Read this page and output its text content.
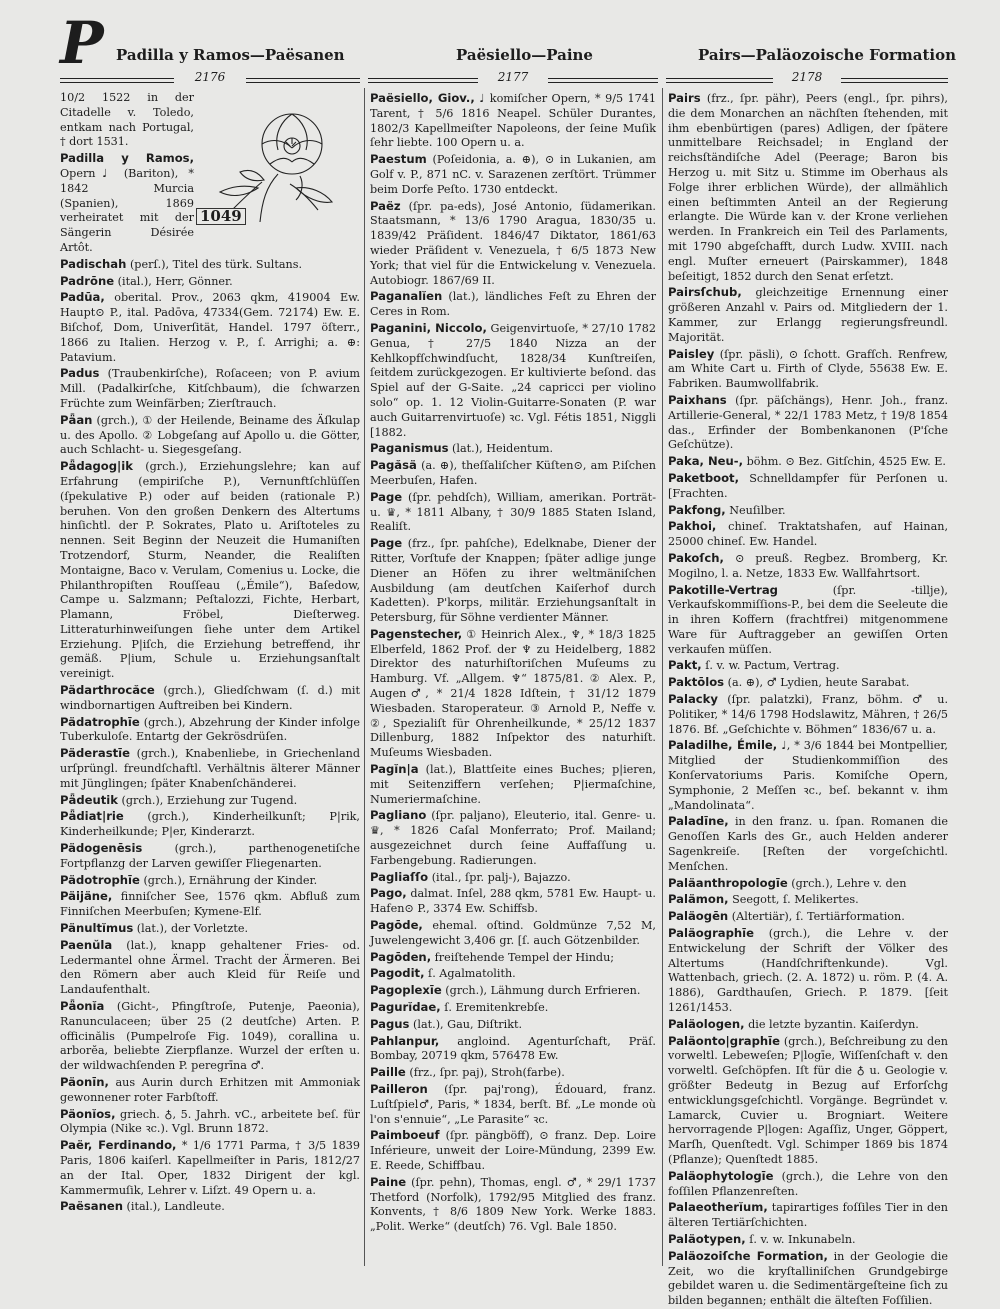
P Padilla y Ramos—Paësanen	Paësiello—Paine	Pairs—Paläozoische Formation
2176	2177	2178
1049

10/2 1522 in der Citadelle v. Toledo, entkam nach Portugal, † dort 1531.

Padilla y Ramos, Opern♩ (Bariton), * 1842 Murcia (Spanien), 1869 verheiratet mit der Sängerin Désirée Artôt.

Padischah (perſ.), Titel des türk. Sultans.

Padrōne (ital.), Herr, Gönner.

Padūa, oberital. Prov., 2063 qkm, 419004 Ew. Haupt⊙ P., ital. Padōva, 47334(Gem. 72174) Ew. E. Biſchof, Dom, Univerſität, Handel. 1797 öſterr., 1866 zu Italien. Herzog v. P., ſ. Arrighi; a. ⊕: Patavium.

Padus (Traubenkirſche), Roſaceen; von P. avium Mill. (Padalkirſche, Kitſchbaum), die ſchwarzen Früchte zum Weinfärben; Zierſtrauch.

Pǟan (grch.), ① der Heilende, Beiname des Äſkulap u. des Apollo. ② Lobgeſang auf Apollo u. die Götter, auch Schlacht- u. Siegesgeſang.

Pǟdagog|ik (grch.), Erziehungslehre; kan auf Erfahrung (empiriſche P.), Vernunftſchlüſſen (ſpekulative P.) oder auf beiden (rationale P.) beruhen. Von den großen Denkern des Altertums hinſichtl. der P. Sokrates, Plato u. Ariſtoteles zu nennen. Seit Beginn der Neuzeit die Humaniſten Trotzendorf, Sturm, Neander, die Realiſten Montaigne, Baco v. Verulam, Comenius u. Locke, die Philanthropiſten Rouſſeau („Émile“), Baſedow, Campe u. Salzmann; Peſtalozzi, Fichte, Herbart, Plamann, Fröbel, Dieſterweg. Litteraturhinweiſungen ſiehe unter dem Artikel Erziehung. P|iſch, die Erziehung betreffend, ihr gemäß. P|ium, Schule u. Erziehungsanſtalt vereinigt.

Pädarthrocăce (grch.), Gliedſchwam (ſ. d.) mit windbornartigen Auftreiben bei Kindern.

Pädatrophīe (grch.), Abzehrung der Kinder infolge Tuberkuloſe. Entartg der Gekrösdrüſen.

Päderastīe (grch.), Knabenliebe, in Griechenland urſprüngl. freundſchaftl. Verhältnis älterer Männer mit Jünglingen; ſpäter Knabenſchänderei.

Pǟdeutik (grch.), Erziehung zur Tugend.

Pǟdiat|rie (grch.), Kinderheilkunſt; P|rik, Kinderheilkunde; P|er, Kinderarzt.

Pädogenēsis (grch.), parthenogenetiſche Fortpflanzg der Larven gewiſſer Fliegenarten.

Pädotrophīe (grch.), Ernährung der Kinder.

Päijäne, finniſcher See, 1576 qkm. Abfluß zum Finniſchen Meerbuſen; Kymene-Elf.

Pänultĭmus (lat.), der Vorletzte.

Paenŭla (lat.), knapp gehaltener Fries- od. Ledermantel ohne Ärmel. Tracht der Ärmeren. Bei den Römern aber auch Kleid für Reiſe und Landaufenthalt.

Pǟonĭa (Gicht-, Pfingſtroſe, Putenje, Paeonia), Ranunculaceen; über 25 (2 deutſche) Arten. P. officinălis (Pumpelroſe Fig. 1049), corallina u. arborĕa, beliebte Zierpflanze. Wurzel der erſten u. der wildwachſenden P. peregrīna ♂.

Päonīn, aus Aurin durch Erhitzen mit Ammoniak gewonnener roter Farbſtoff.

Päonĭos, griech. ♁, 5. Jahrh. vC., arbeitete beſ. für Olympia (Nike ꝛc.). Vgl. Brunn 1872.

Paër, Ferdinando, * 1/6 1771 Parma, † 3/5 1839 Paris, 1806 kaiſerl. Kapellmeiſter in Paris, 1812/27 an der Ital. Oper, 1832 Dirigent der kgl. Kammermuſik, Lehrer v. Liſzt. 49 Opern u. a.

Paësanen (ital.), Landleute.

Paësiello, Giov., ♩ komiſcher Opern, * 9/5 1741 Tarent, † 5/6 1816 Neapel. Schüler Durantes, 1802/3 Kapellmeiſter Napoleons, der ſeine Muſik ſehr liebte. 100 Opern u. a.

Paestum (Poſeidonia, a. ⊕), ⊙ in Lukanien, am Golf v. P., 871 nC. v. Sarazenen zerſtört. Trümmer beim Dorfe Peſto. 1730 entdeckt.

Paëz (ſpr. pa-eds), José Antonio, ſüdamerikan. Staatsmann, * 13/6 1790 Aragua, 1830/35 u. 1839/42 Präſident. 1846/47 Diktator, 1861/63 wieder Präſident v. Venezuela, † 6/5 1873 New York; that viel für die Entwickelung v. Venezuela. Autobiogr. 1867/69 II.

Paganalĭen (lat.), ländliches Feſt zu Ehren der Ceres in Rom.

Paganini, Niccolo, Geigenvirtuoſe, * 27/10 1782 Genua, † 27/5 1840 Nizza an der Kehlkopfſchwindſucht, 1828/34 Kunſtreiſen, ſeitdem zurückgezogen. Er kultivierte beſond. das Spiel auf der G-Saite. „24 capricci per violino solo“ op. 1. 12 Violin-Guitarre-Sonaten (P. war auch Guitarrenvirtuoſe) ꝛc. Vgl. Fétis 1851, Niggli [1882.

Paganismus (lat.), Heidentum.

Pagăsä (a. ⊕), theſſaliſcher Küſten⊙, am P.iſchen Meerbuſen, Hafen.

Page (ſpr. pehdſch), William, amerikan. Porträt- u. ♛, * 1811 Albany, † 30/9 1885 Staten Island, Realiſt.

Page (frz., ſpr. pahſche), Edelknabe, Diener der Ritter, Vorſtufe der Knappen; ſpäter adlige junge Diener an Höfen zu ihrer weltmäniſchen Ausbildung (am deutſchen Kaiſerhof durch Kadetten). P'korps, militär. Erziehungsanſtalt in Petersburg, für Söhne verdienter Männer.

Pagenstecher, ① Heinrich Alex., ♆, * 18/3 1825 Elberfeld, 1862 Prof. der ♆ zu Heidelberg, 1882 Direktor des naturhiſtoriſchen Muſeums zu Hamburg. Vf. „Allgem. ♆“ 1875/81. ② Alex. P., Augen♂, * 21/4 1828 Idſtein, † 31/12 1879 Wiesbaden. Staroperateur. ③ Arnold P., Neffe v. ②, Spezialiſt für Ohrenheilkunde, * 25/12 1837 Dillenburg, 1882 Inſpektor des naturhiſt. Muſeums Wiesbaden.

Pagĭn|a (lat.), Blattſeite eines Buches; p|ieren, mit Seitenziffern verſehen; P|iermaſchine, Numeriermaſchine.

Pagliano (ſpr. paljano), Eleuterio, ital. Genre- u. ♛, * 1826 Caſal Monferrato; Prof. Mailand; ausgezeichnet durch ſeine Auffaſſung u. Farbengebung. Radierungen.

Pagliaſſo (ital., ſpr. palj-), Bajazzo.

Pago, dalmat. Inſel, 288 qkm, 5781 Ew. Haupt- u. Hafen⊙ P., 3374 Ew. Schiffsb.

Pagōde, ehemal. oſtind. Goldmünze 7,52 M, Juwelengewicht 3,406 gr. [ſ. auch Götzenbilder.

Pagōden, freiſtehende Tempel der Hindu;

Pagodit, ſ. Agalmatolith.

Pagoplexīe (grch.), Lähmung durch Erfrieren.

Pagurĭdae, ſ. Eremitenkrebſe.

Pagus (lat.), Gau, Diſtrikt.

Pahlanpur, angloind. Agenturſchaft, Präſ. Bombay, 20719 qkm, 576478 Ew.

Paille (frz., ſpr. paj), Stroh(farbe).

Pailleron (ſpr. paj'rong), Édouard, franz. Luſtſpiel♂, Paris, * 1834, berſt. Bf. „Le monde où l'on s'ennuie“, „Le Parasite“ ꝛc.

Paimboeuf (ſpr. pängböff), ⊙ franz. Dep. Loire Inférieure, unweit der Loire-Mündung, 2399 Ew. E. Reede, Schiffbau.

Paine (ſpr. pehn), Thomas, engl. ♂, * 29/1 1737 Thetford (Norfolk), 1792/95 Mitglied des franz. Konvents, † 8/6 1809 New York. Werke 1883. „Polit. Werke“ (deutſch) 76. Vgl. Bale 1850.

Pairs (frz., ſpr. pähr), Peers (engl., ſpr. pihrs), die dem Monarchen an nächſten ſtehenden, mit ihm ebenbürtigen (pares) Adligen, der ſpätere unmittelbare Reichsadel; in England der reichsſtändiſche Adel (Peerage; Baron bis Herzog u. mit Sitz u. Stimme im Oberhaus als Folge ihrer erblichen Würde), der allmählich einen beſtimmten Anteil an der Regierung erlangte. Die Würde kan v. der Krone verliehen werden. In Frankreich ein Teil des Parlaments, mit 1790 abgeſchafft, durch Ludw. XVIII. nach engl. Muſter erneuert (Pairskammer), 1848 beſeitigt, 1852 durch den Senat erſetzt.

Pairsſchub, gleichzeitige Ernennung einer größeren Anzahl v. Pairs od. Mitgliedern der 1. Kammer, zur Erlangg regierungsfreundl. Majorität.

Paisley (ſpr. päsli), ⊙ ſchott. Grafſch. Renfrew, am White Cart u. Firth of Clyde, 55638 Ew. E. Fabriken. Baumwollfabrik.

Paixhans (ſpr. päſchängs), Henr. Joh., franz. Artillerie-General, * 22/1 1783 Metz, † 19/8 1854 das., Erfinder der Bombenkanonen (P'ſche Geſchütze).

Paka, Neu-, böhm. ⊙ Bez. Gitſchin, 4525 Ew. E.

Paketboot, Schnelldampfer für Perſonen u. [Frachten.

Pakfong, Neuſilber.

Pakhoi, chineſ. Traktatshafen, auf Hainan, 25000 chineſ. Ew. Handel.

Pakoſch, ⊙ preuß. Regbez. Bromberg, Kr. Mogilno, l. a. Netze, 1833 Ew. Wallfahrtsort.

Pakotille-Vertrag (ſpr. -tillje), Verkaufskommiſſions-P., bei dem die Seeleute die in ihren Koffern (frachtfrei) mitgenommene Ware für Auftraggeber an gewiſſen Orten verkaufen müſſen.

Pakt, ſ. v. w. Pactum, Vertrag.

Paktōlos (a. ⊕), ♂ Lydien, heute Sarabat.

Palacky (ſpr. palatzki), Franz, böhm. ♂ u. Politiker, * 14/6 1798 Hodslawitz, Mähren, † 26/5 1876. Bf. „Geſchichte v. Böhmen“ 1836/67 u. a.

Paladilhe, Émile, ♩, * 3/6 1844 bei Montpellier, Mitglied der Studienkommiſſion des Konſervatoriums Paris. Komiſche Opern, Symphonie, 2 Meſſen ꝛc., beſ. bekannt v. ihm „Mandolinata“.

Paladīne, in den franz. u. ſpan. Romanen die Genoſſen Karls des Gr., auch Helden anderer Sagenkreiſe. [Reſten der vorgeſchichtl. Menſchen.

Paläanthropologīe (grch.), Lehre v. den

Palämon, Seegott, ſ. Melikertes.

Paläogēn (Altertiär), ſ. Tertiärformation.

Paläographīe (grch.), die Lehre v. der Entwickelung der Schrift der Völker des Altertums (Handſchriftenkunde). Vgl. Wattenbach, griech. (2. A. 1872) u. röm. P. (4. A. 1886), Gardthauſen, Griech. P. 1879. [ſeit 1261/1453.

Paläologen, die letzte byzantin. Kaiſerdyn.

Paläonto|graphīe (grch.), Beſchreibung zu den vorweltl. Lebeweſen; P|logīe, Wiſſenſchaft v. den vorweltl. Geſchöpfen. Iſt für die ♁ u. Geologie v. größter Bedeutg in Bezug auf Erforſchg entwicklungsgeſchichtl. Vorgänge. Begründet v. Lamarck, Cuvier u. Brogniart. Weitere hervorragende P|logen: Agaſſiz, Unger, Göppert, Marſh, Quenſtedt. Vgl. Schimper 1869 bis 1874 (Pflanze); Quenſtedt 1885.

Paläophytologīe (grch.), die Lehre von den foſſilen Pflanzenreſten.

Palaeotherĭum, tapirartiges foſſiles Tier in den älteren Tertiärſchichten.

Paläotypen, ſ. v. w. Inkunabeln.

Paläozoiſche Formation, in der Geologie die Zeit, wo die kryſtalliniſchen Grundgebirge gebildet waren u. die Sedimentärgeſteine ſich zu bilden begannen; enthält die älteſten Foſſilien.
